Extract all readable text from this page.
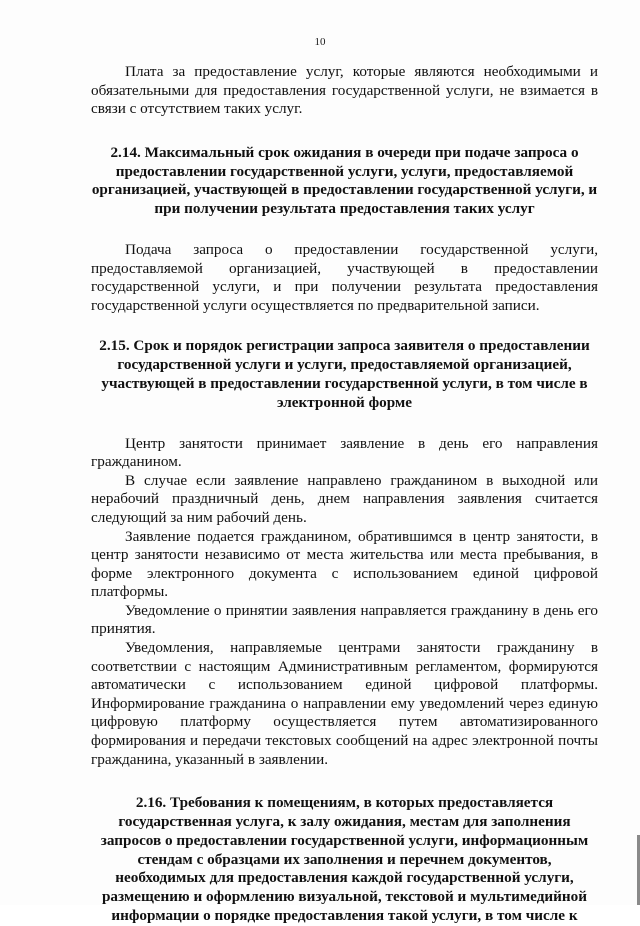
10

Плата за предоставление услуг, которые являются необходимыми и обязательными для предоставления государственной услуги, не взимается в связи с отсутствием таких услуг.

2.14. Максимальный срок ожидания в очереди при подаче запроса о предоставлении государственной услуги, услуги, предоставляемой организацией, участвующей в предоставлении государственной услуги, и при получении результата предоставления таких услуг

Подача запроса о предоставлении государственной услуги, предоставляемой организацией, участвующей в предоставлении государственной услуги, и при получении результата предоставления государственной услуги осуществляется по предварительной записи.

2.15. Срок и порядок регистрации запроса заявителя о предоставлении государственной услуги и услуги, предоставляемой организацией, участвующей в предоставлении государственной услуги, в том числе в электронной форме

Центр занятости принимает заявление в день его направления гражданином.

В случае если заявление направлено гражданином в выходной или нерабочий праздничный день, днем направления заявления считается следующий за ним рабочий день.

Заявление подается гражданином, обратившимся в центр занятости, в центр занятости независимо от места жительства или места пребывания, в форме электронного документа с использованием единой цифровой платформы.

Уведомление о принятии заявления направляется гражданину в день его принятия.

Уведомления, направляемые центрами занятости гражданину в соответствии с настоящим Административным регламентом, формируются автоматически с использованием единой цифровой платформы. Информирование гражданина о направлении ему уведомлений через единую цифровую платформу осуществляется путем автоматизированного формирования и передачи текстовых сообщений на адрес электронной почты гражданина, указанный в заявлении.

2.16. Требования к помещениям, в которых предоставляется государственная услуга, к залу ожидания, местам для заполнения запросов о предоставлении государственной услуги, информационным стендам с образцами их заполнения и перечнем документов, необходимых для предоставления каждой государственной услуги, размещению и оформлению визуальной, текстовой и мультимедийной информации о порядке предоставления такой услуги, в том числе к
